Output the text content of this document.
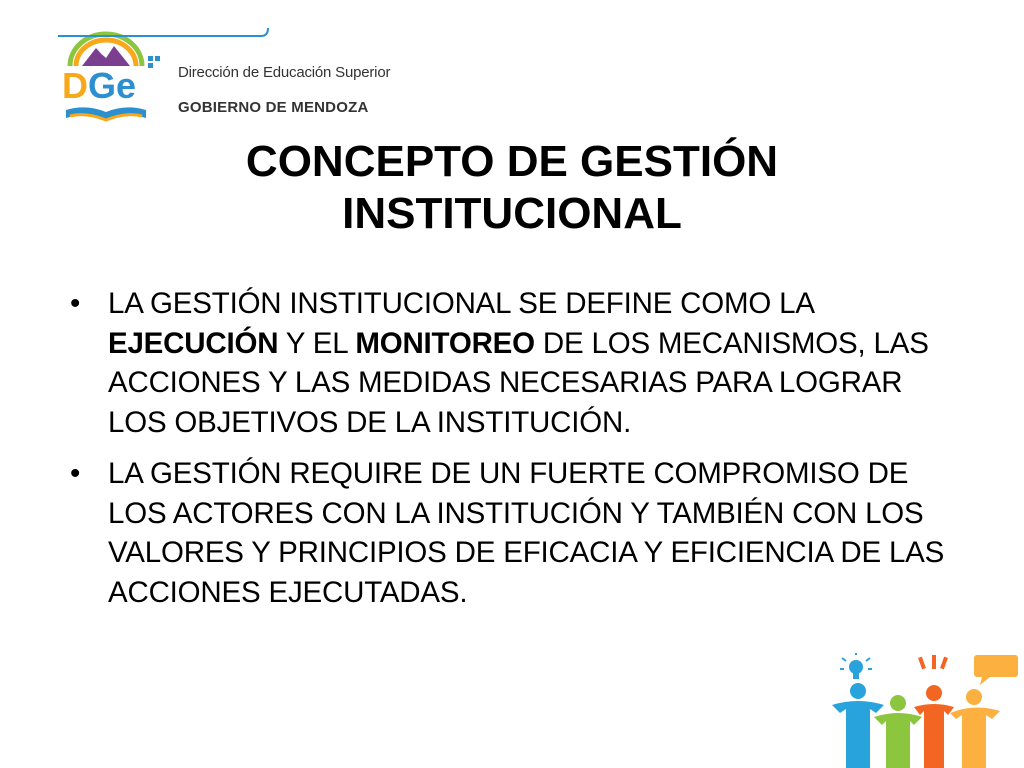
D G e	Dirección de Educación Superior
GOBIERNO DE MENDOZA
CONCEPTO DE GESTIÓN
INSTITUCIONAL
• LA GESTIÓN INSTITUCIONAL SE DEFINE COMO LA EJECUCIÓN Y EL MONITOREO DE LOS MECANISMOS, LAS ACCIONES Y LAS MEDIDAS NECESARIAS PARA LOGRAR LOS OBJETIVOS DE LA INSTITUCIÓN.
• LA GESTIÓN REQUIRE DE UN FUERTE COMPROMISO DE LOS ACTORES CON LA INSTITUCIÓN Y TAMBIÉN CON LOS VALORES Y PRINCIPIOS DE EFICACIA Y EFICIENCIA DE LAS ACCIONES EJECUTADAS.
